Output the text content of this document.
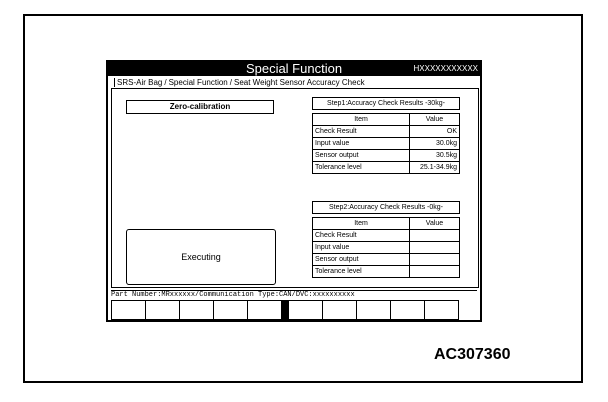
Special Function	HXXXXXXXXXXX
SRS-Air Bag / Special Function / Seat Weight Sensor Accuracy Check
Zero-calibration	Step1:Accuracy Check Results -30kg-
Item	Value
Check Result	OK
Input value	30.0kg
Sensor output	30.5kg
Tolerance level	25.1-34.9kg
Step2:Accuracy Check Results -0kg-
Item	Value
Check Result	
Input value	
Sensor output	
Tolerance level	
Executing
Part Number:MRxxxxxx/Communication Type:CAN/DVC:xxxxxxxxxx
AC307360
